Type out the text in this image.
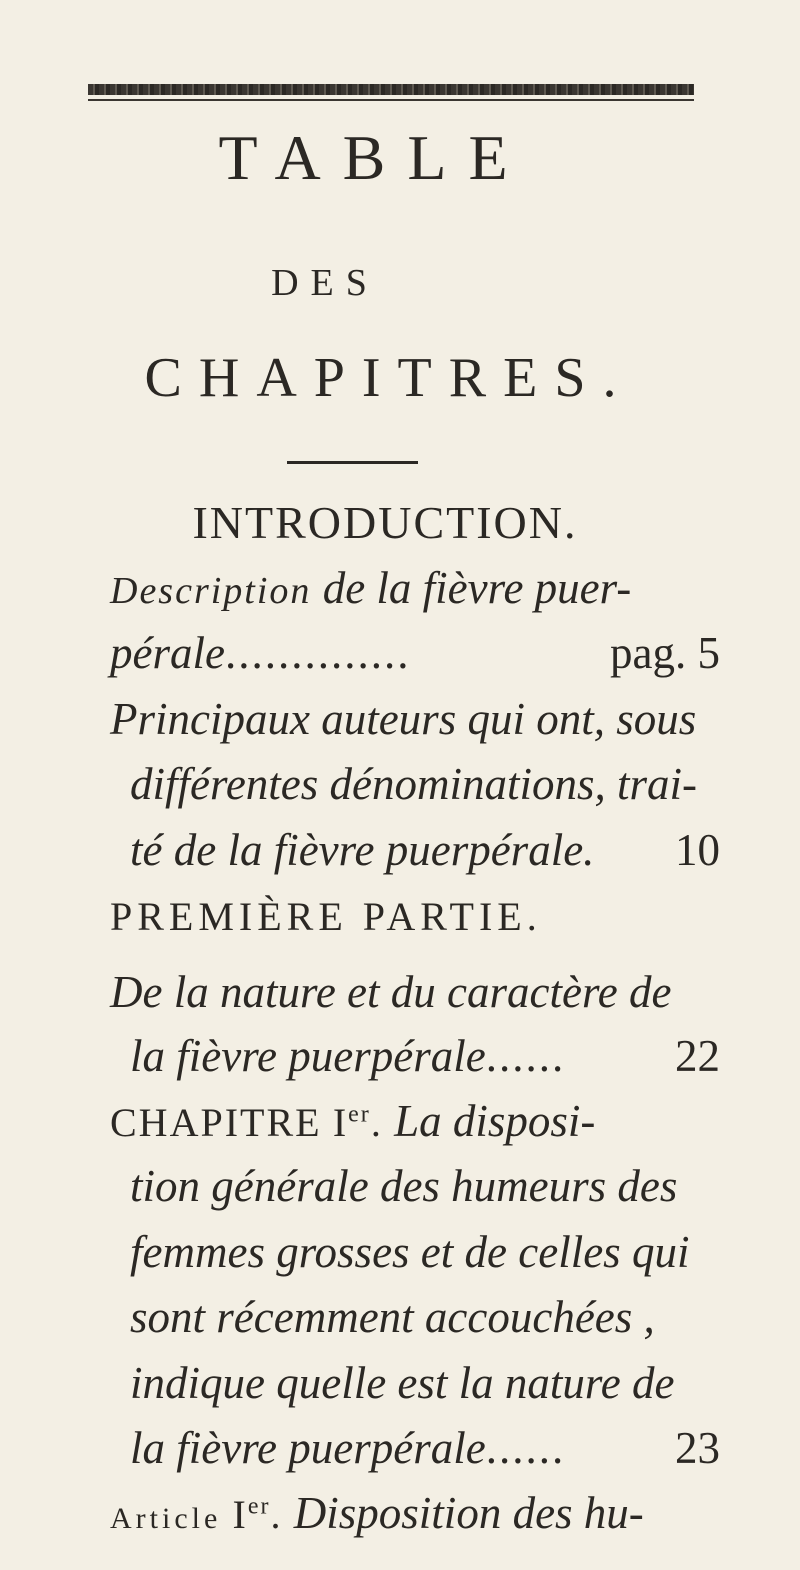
TABLE
DES
CHAPITRES.
INTRODUCTION.
Description de la fièvre puer-
pérale..............	pag. 5
Principaux auteurs qui ont, sous
différentes dénominations, trai-
té de la fièvre puerpérale. 10
PREMIÈRE PARTIE.
De la nature et du caractère de
la fièvre puerpérale...... 22
CHAPITRE Ier. La disposi-
tion générale des humeurs des
femmes grosses et de celles qui
sont récemment accouchées ,
indique quelle est la nature de
la fièvre puerpérale...... 23
Article Ier. Disposition des hu-
